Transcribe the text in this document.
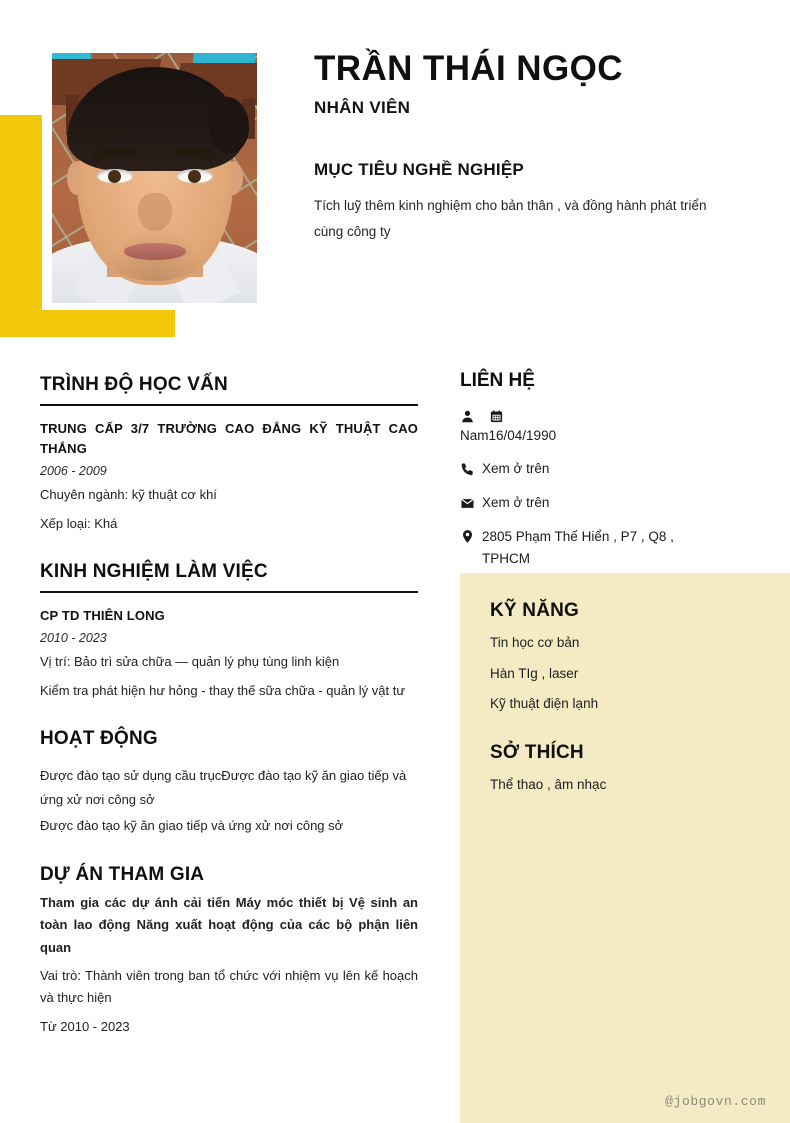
TRẦN THÁI NGỌC
NHÂN VIÊN
MỤC TIÊU NGHỀ NGHIỆP
Tích luỹ thêm kinh nghiệm cho bản thân , và đồng hành phát triển cùng công ty
TRÌNH ĐỘ HỌC VẤN
TRUNG CẤP 3/7 TRƯỜNG CAO ĐẲNG KỸ THUẬT CAO THẮNG
2006 - 2009
Chuyên ngành: kỹ thuật cơ khí
Xếp loại: Khá
KINH NGHIỆM LÀM VIỆC
CP TD THIÊN LONG
2010 - 2023
Vị trí: Bảo trì sửa chữa — quản lý phụ tùng linh kiện
Kiểm tra phát hiện hư hỏng - thay thế sữa chữa - quản lý vật tư
HOẠT ĐỘNG
Được đào tạo sử dụng cầu trụcĐược đào tạo kỹ ăn giao tiếp và ứng xử nơi công sở
Được đào tạo kỹ ăn giao tiếp và ứng xử nơi công sở
DỰ ÁN THAM GIA
Tham gia các dự ánh cải tiến Máy móc thiết bị Vệ sinh an toàn lao động Năng xuất hoạt động của các bộ phận liên quan
Vai trò: Thành viên trong ban tổ chức với nhiệm vụ lên kế hoạch và thực hiện
Từ 2010 - 2023
LIÊN HỆ
Nam 16/04/1990
Xem ở trên
Xem ở trên
2805 Phạm Thế Hiển , P7 , Q8 , TPHCM
KỸ NĂNG
Tin học cơ bản
Hàn TIg , laser
Kỹ thuật điện lạnh
SỞ THÍCH
Thể thao , âm nhạc
@jobgovn.com
